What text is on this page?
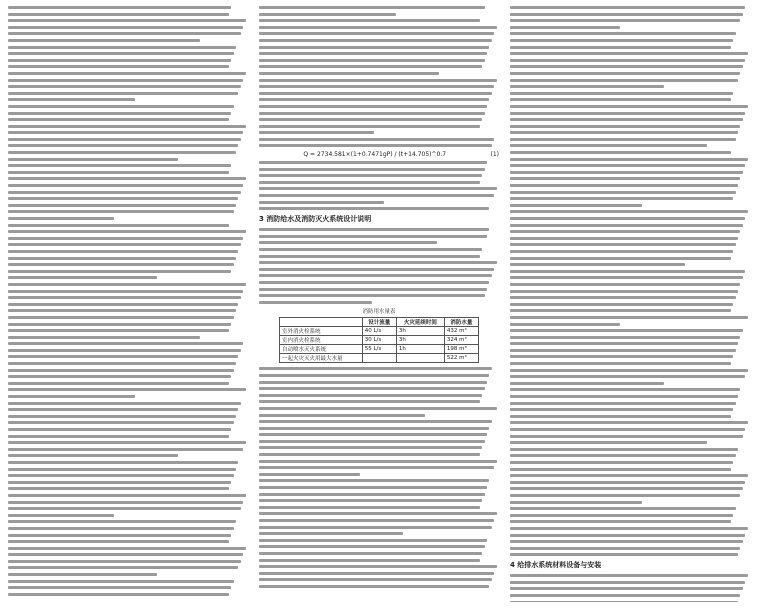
Q = 2734.581×(1+0.7471gP) / (t+14.705)^0.7	(1)
3 消防给水及消防灭火系统设计说明
消防用水量表
	设计流量	火灾延续时间	消防水量
室外消火栓系统	40 L/s	3h	432 m³
室内消火栓系统	30 L/s	3h	324 m³
自动喷水灭火系统	55 L/s	1h	198 m³
一起火灾灭火用最大水量			522 m³
4 给排水系统材料设备与安装
